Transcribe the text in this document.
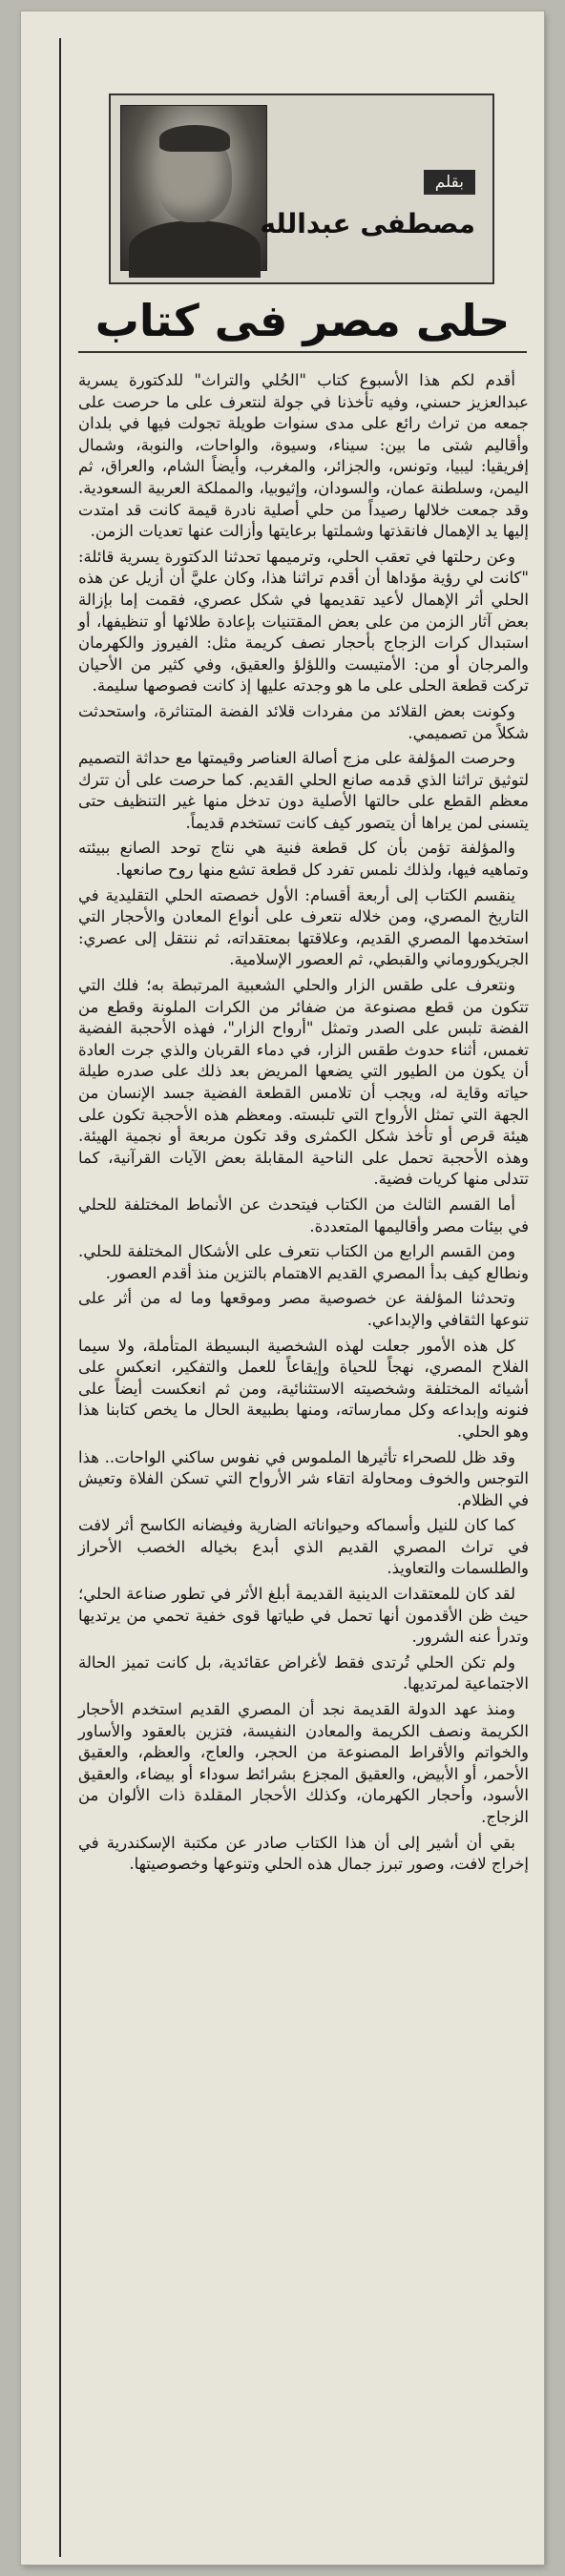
بقلم
مصطفى عبدالله
حلى مصر فى كتاب

أقدم لكم هذا الأسبوع كتاب "الحُلي والتراث" للدكتورة يسرية عبدالعزيز حسني، وفيه تأخذنا في جولة لنتعرف على ما حرصت على جمعه من تراث رائع على مدى سنوات طويلة تجولت فيها في بلدان وأقاليم شتى ما بين: سيناء، وسيوة، والواحات، والنوبة، وشمال إفريقيا: ليبيا، وتونس، والجزائر، والمغرب، وأيضاً الشام، والعراق، ثم اليمن، وسلطنة عمان، والسودان، وإثيوبيا، والمملكة العربية السعودية. وقد جمعت خلالها رصيداً من حلي أصلية نادرة قيمة كانت قد امتدت إليها يد الإهمال فانقذتها وشملتها برعايتها وأزالت عنها تعديات الزمن.

وعن رحلتها في تعقب الحلي، وترميمها تحدثنا الدكتورة يسرية قائلة: "كانت لي رؤية مؤداها أن أقدم تراثنا هذا، وكان عليَّ أن أزيل عن هذه الحلي أثر الإهمال لأعيد تقديمها في شكل عصري، فقمت إما بإزالة بعض آثار الزمن من على بعض المقتنيات بإعادة طلائها أو تنظيفها، أو استبدال كرات الزجاج بأحجار نصف كريمة مثل: الفيروز والكهرمان والمرجان أو من: الأمتيست واللؤلؤ والعقيق، وفي كثير من الأحيان تركت قطعة الحلى على ما هو وجدته عليها إذ كانت فصوصها سليمة.

وكونت بعض القلائد من مفردات قلائد الفضة المتناثرة، واستحدثت شكلاً من تصميمي.

وحرصت المؤلفة على مزج أصالة العناصر وقيمتها مع حداثة التصميم لتوثيق تراثنا الذي قدمه صانع الحلي القديم. كما حرصت على أن تترك معظم القطع على حالتها الأصلية دون تدخل منها غير التنظيف حتى يتسنى لمن يراها أن يتصور كيف كانت تستخدم قديماً.

والمؤلفة تؤمن بأن كل قطعة فنية هي نتاج توحد الصانع ببيئته وتماهيه فيها، ولذلك نلمس تفرد كل قطعة تشع منها روح صانعها.

ينقسم الكتاب إلى أربعة أقسام: الأول خصصته الحلي التقليدية في التاريخ المصري، ومن خلاله نتعرف على أنواع المعادن والأحجار التي استخدمها المصري القديم، وعلاقتها بمعتقداته، ثم ننتقل إلى عصري: الجريكوروماني والقبطي، ثم العصور الإسلامية.

ونتعرف على طقس الزار والحلي الشعبية المرتبطة به؛ فلك التي تتكون من قطع مصنوعة من ضفائر من الكرات الملونة وقطع من الفضة تلبس على الصدر وتمثل "أرواح الزار"، فهذه الأحجبة الفضية تغمس، أثناء حدوث طقس الزار، في دماء القربان والذي جرت العادة أن يكون من الطيور التي يضعها المريض بعد ذلك على صدره طيلة حياته وقاية له، ويجب أن تلامس القطعة الفضية جسد الإنسان من الجهة التي تمثل الأرواح التي تلبسته. ومعظم هذه الأحجبة تكون على هيئة قرص أو تأخذ شكل الكمثرى وقد تكون مربعة أو نجمية الهيئة. وهذه الأحجبة تحمل على الناحية المقابلة بعض الآيات القرآنية، كما تتدلى منها كريات فضية.

أما القسم الثالث من الكتاب فيتحدث عن الأنماط المختلفة للحلي في بيئات مصر وأقاليمها المتعددة.

ومن القسم الرابع من الكتاب نتعرف على الأشكال المختلفة للحلي. ونطالع كيف بدأ المصري القديم الاهتمام بالتزين منذ أقدم العصور.

وتحدثنا المؤلفة عن خصوصية مصر وموقعها وما له من أثر على تنوعها الثقافي والإبداعي.

كل هذه الأمور جعلت لهذه الشخصية البسيطة المتأملة، ولا سيما الفلاح المصري، نهجاً للحياة وإيقاعاً للعمل والتفكير، انعكس على أشيائه المختلفة وشخصيته الاستثنائية، ومن ثم انعكست أيضاً على فنونه وإبداعه وكل ممارساته، ومنها بطبيعة الحال ما يخص كتابنا هذا وهو الحلي.

وقد ظل للصحراء تأثيرها الملموس في نفوس ساكني الواحات.. هذا التوجس والخوف ومحاولة اتقاء شر الأرواح التي تسكن الفلاة وتعيش في الظلام.

كما كان للنيل وأسماكه وحيواناته الضارية وفيضانه الكاسح أثر لافت في تراث المصري القديم الذي أبدع بخياله الخصب الأحراز والطلسمات والتعاويذ.

لقد كان للمعتقدات الدينية القديمة أبلغ الأثر في تطور صناعة الحلي؛ حيث ظن الأقدمون أنها تحمل في طياتها قوى خفية تحمي من يرتديها وتدرأ عنه الشرور.

ولم تكن الحلي تُرتدى فقط لأغراض عقائدية، بل كانت تميز الحالة الاجتماعية لمرتديها.

ومنذ عهد الدولة القديمة نجد أن المصري القديم استخدم الأحجار الكريمة ونصف الكريمة والمعادن النفيسة، فتزين بالعقود والأساور والخواتم والأقراط المصنوعة من الحجر، والعاج، والعظم، والعقيق الأحمر، أو الأبيض، والعقيق المجزع بشرائط سوداء أو بيضاء، والعقيق الأسود، وأحجار الكهرمان، وكذلك الأحجار المقلدة ذات الألوان من الزجاج.

بقي أن أشير إلى أن هذا الكتاب صادر عن مكتبة الإسكندرية في إخراج لافت، وصور تبرز جمال هذه الحلي وتنوعها وخصوصيتها.
